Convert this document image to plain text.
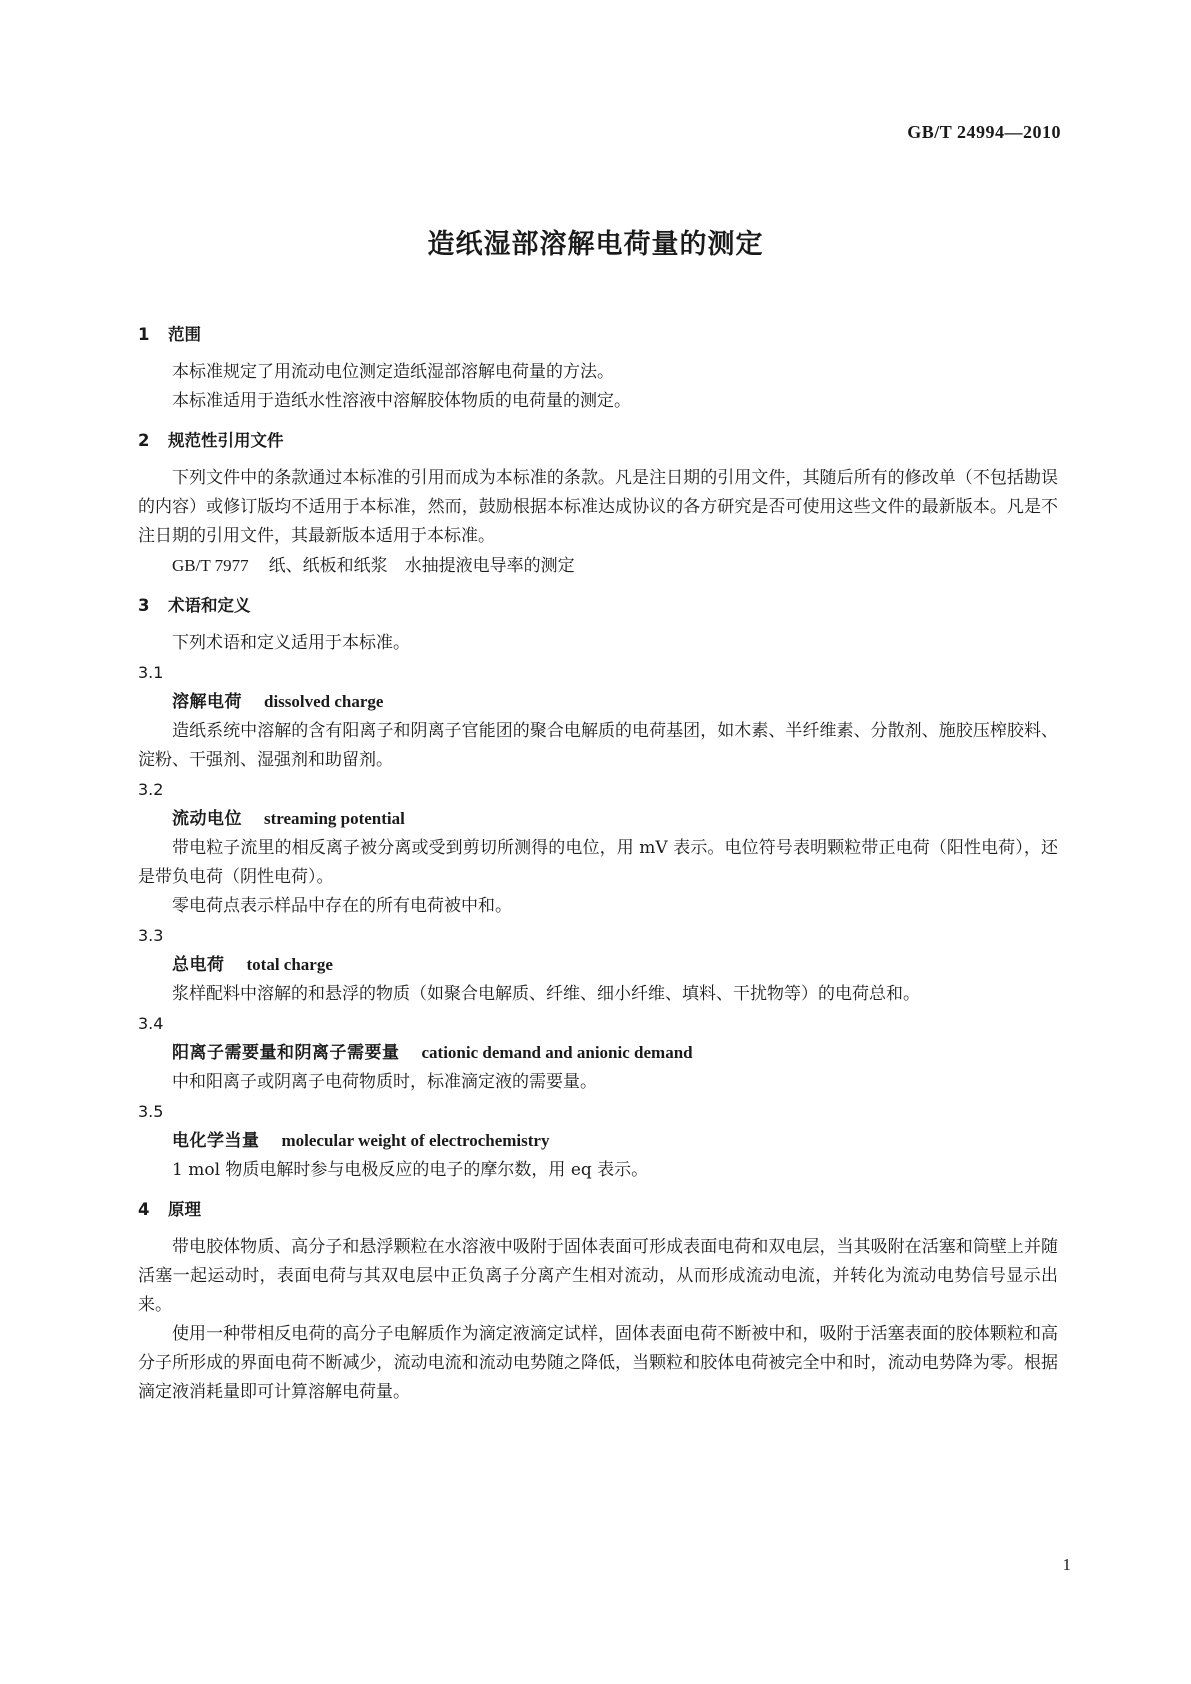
GB/T 24994—2010
造纸湿部溶解电荷量的测定
1 范围

本标准规定了用流动电位测定造纸湿部溶解电荷量的方法。

本标准适用于造纸水性溶液中溶解胶体物质的电荷量的测定。

2 规范性引用文件

下列文件中的条款通过本标准的引用而成为本标准的条款。凡是注日期的引用文件，其随后所有的修改单（不包括勘误的内容）或修订版均不适用于本标准，然而，鼓励根据本标准达成协议的各方研究是否可使用这些文件的最新版本。凡是不注日期的引用文件，其最新版本适用于本标准。

GB/T 7977 纸、纸板和纸浆　水抽提液电导率的测定
3 术语和定义

下列术语和定义适用于本标准。

3.1
溶解电荷 dissolved charge

造纸系统中溶解的含有阳离子和阴离子官能团的聚合电解质的电荷基团，如木素、半纤维素、分散剂、施胶压榨胶料、淀粉、干强剂、湿强剂和助留剂。

3.2
流动电位 streaming potential

带电粒子流里的相反离子被分离或受到剪切所测得的电位，用 mV 表示。电位符号表明颗粒带正电荷（阳性电荷），还是带负电荷（阴性电荷）。

零电荷点表示样品中存在的所有电荷被中和。

3.3
总电荷 total charge

浆样配料中溶解的和悬浮的物质（如聚合电解质、纤维、细小纤维、填料、干扰物等）的电荷总和。

3.4
阳离子需要量和阴离子需要量 cationic demand and anionic demand

中和阳离子或阴离子电荷物质时，标准滴定液的需要量。

3.5
电化学当量 molecular weight of electrochemistry

1 mol 物质电解时参与电极反应的电子的摩尔数，用 eq 表示。

4 原理

带电胶体物质、高分子和悬浮颗粒在水溶液中吸附于固体表面可形成表面电荷和双电层，当其吸附在活塞和筒壁上并随活塞一起运动时，表面电荷与其双电层中正负离子分离产生相对流动，从而形成流动电流，并转化为流动电势信号显示出来。

使用一种带相反电荷的高分子电解质作为滴定液滴定试样，固体表面电荷不断被中和，吸附于活塞表面的胶体颗粒和高分子所形成的界面电荷不断减少，流动电流和流动电势随之降低，当颗粒和胶体电荷被完全中和时，流动电势降为零。根据滴定液消耗量即可计算溶解电荷量。

1
